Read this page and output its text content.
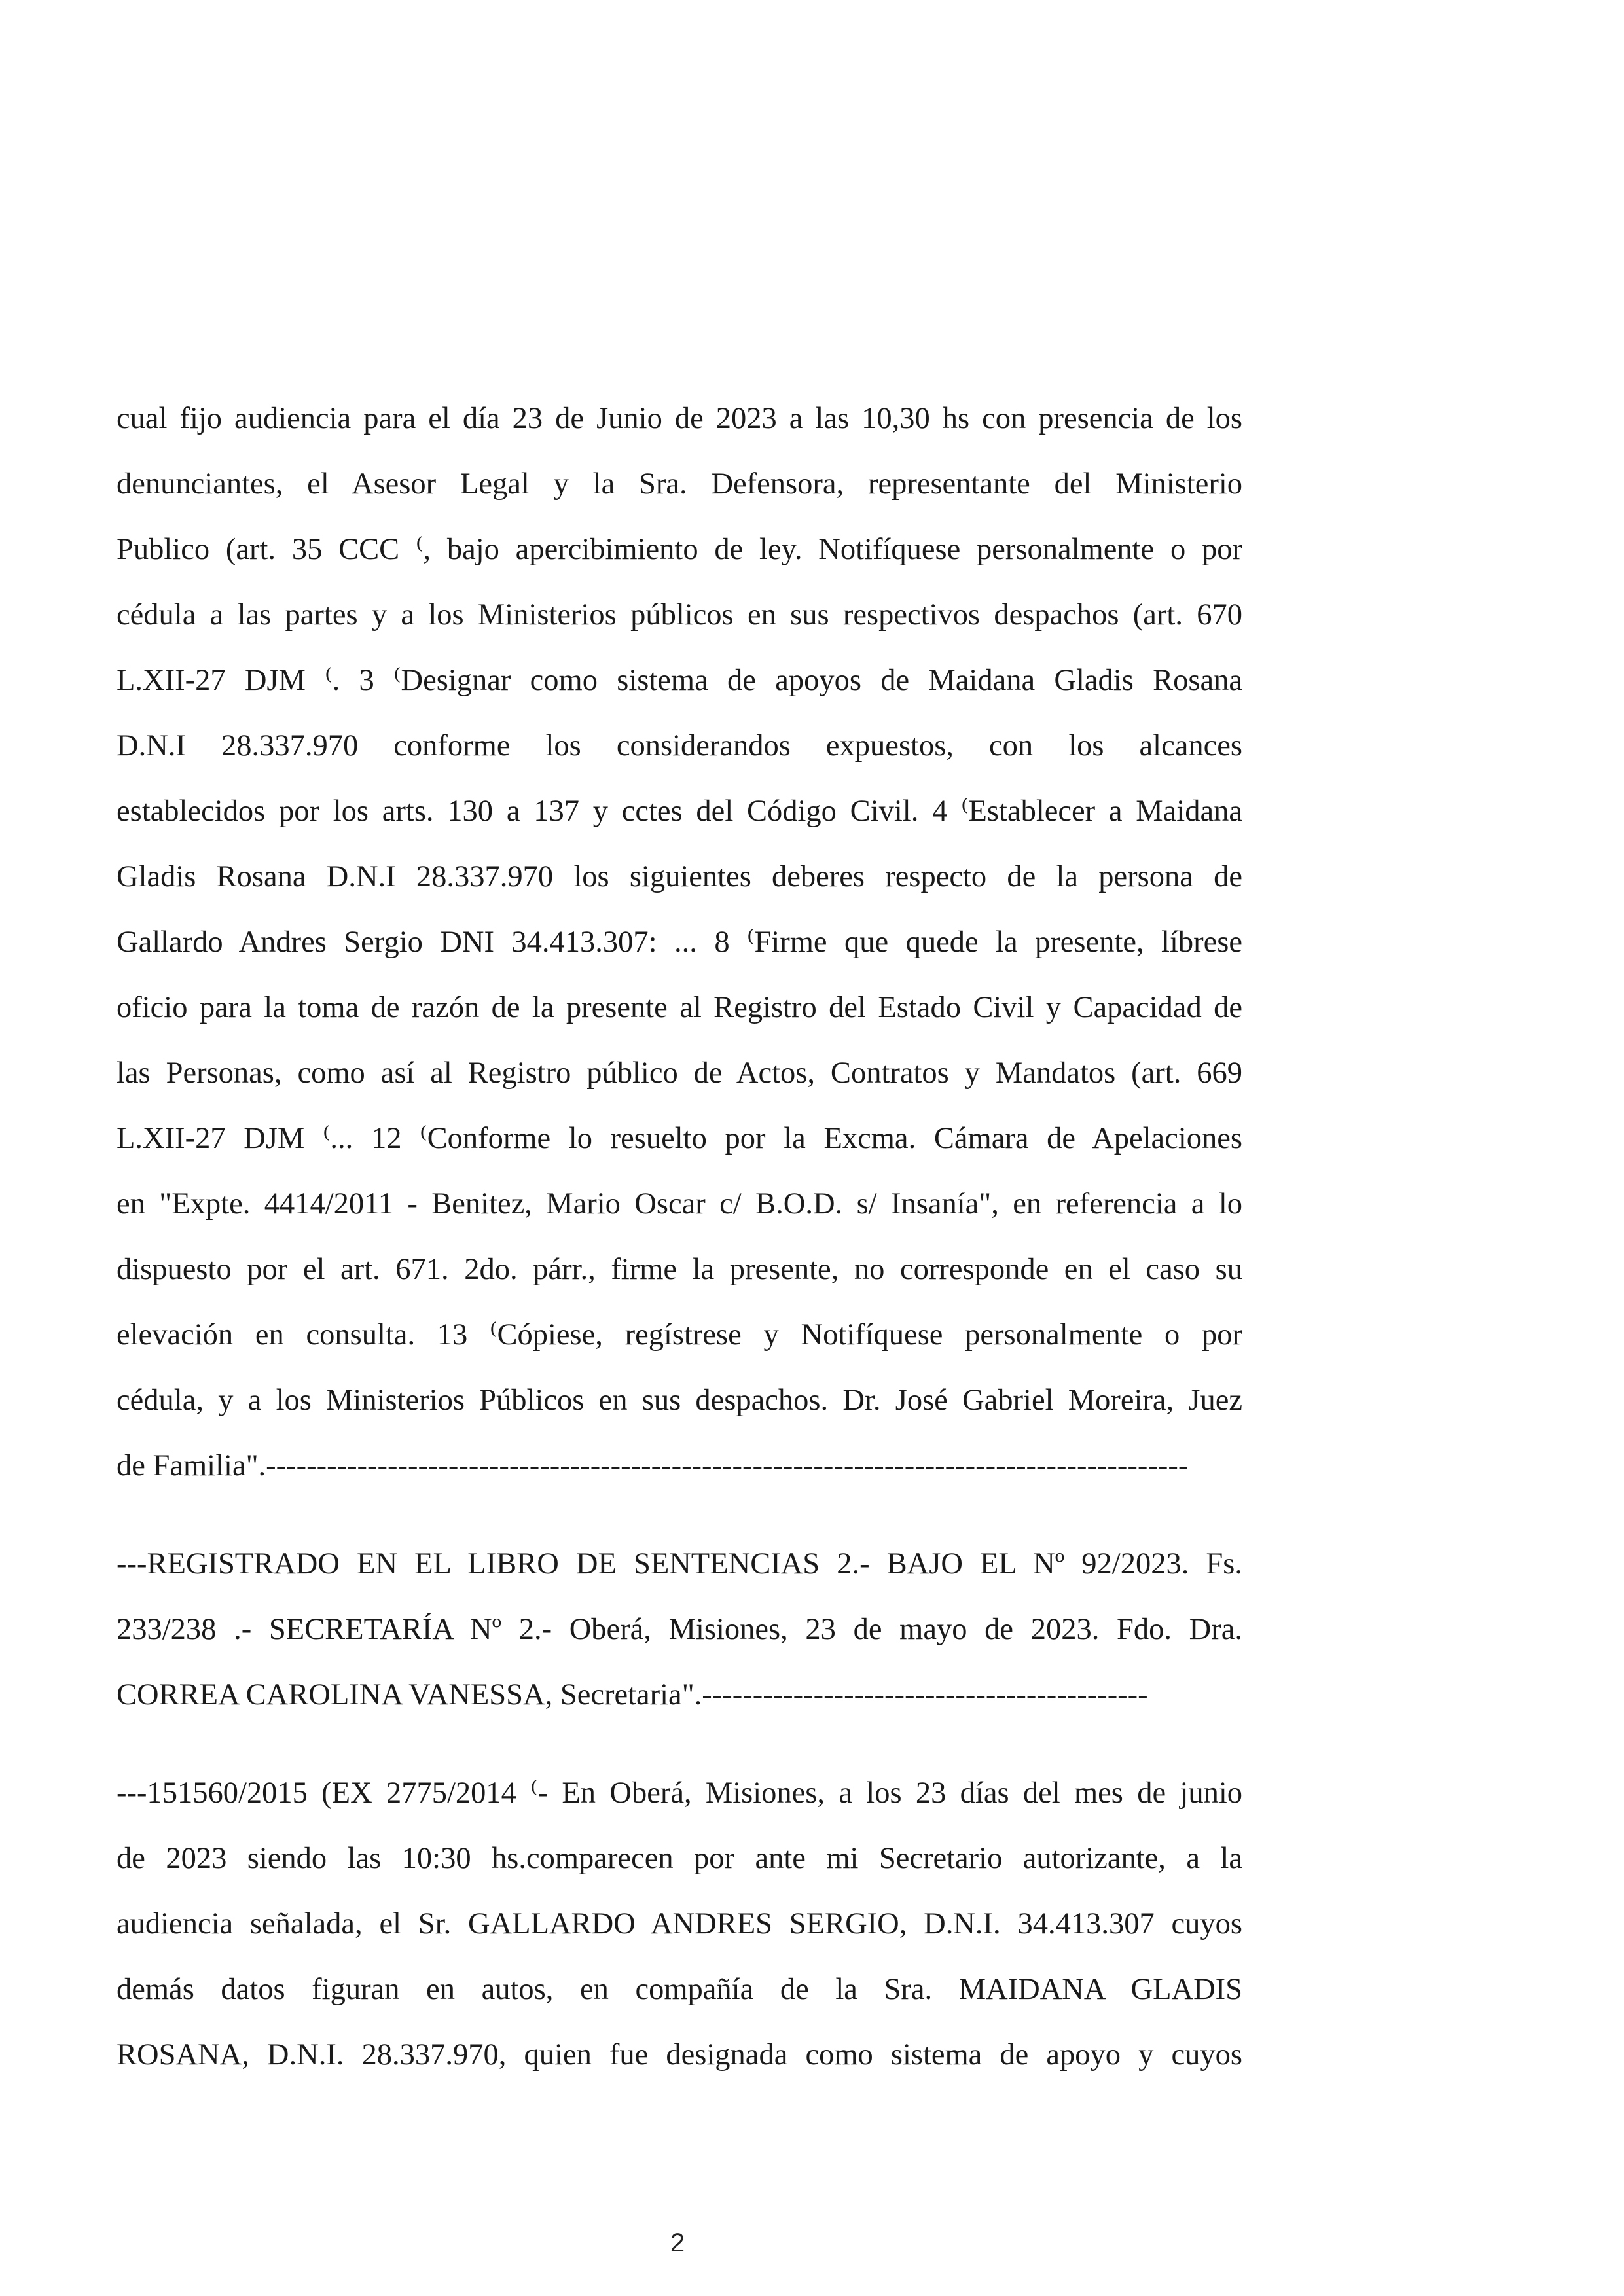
cual fijo audiencia para el día 23 de Junio de 2023 a las 10,30 hs con presencia de los
denunciantes, el Asesor Legal y la Sra. Defensora, representante del Ministerio
Publico (art. 35 CCC ⁽, bajo apercibimiento de ley. Notifíquese personalmente o por
cédula a las partes y a los Ministerios públicos en sus respectivos despachos (art. 670
L.XII-27 DJM ⁽. 3 ⁽Designar como sistema de apoyos de Maidana Gladis Rosana
D.N.I 28.337.970 conforme los considerandos expuestos, con los alcances
establecidos por los arts. 130 a 137 y cctes del Código Civil. 4 ⁽Establecer a Maidana
Gladis Rosana D.N.I 28.337.970 los siguientes deberes respecto de la persona de
Gallardo Andres Sergio DNI 34.413.307: ... 8 ⁽Firme que quede la presente, líbrese
oficio para la toma de razón de la presente al Registro del Estado Civil y Capacidad de
las Personas, como así al Registro público de Actos, Contratos y Mandatos (art. 669
L.XII-27 DJM ⁽... 12 ⁽Conforme lo resuelto por la Excma. Cámara de Apelaciones
en "Expte. 4414/2011 - Benitez, Mario Oscar c/ B.O.D. s/ Insanía", en referencia a lo
dispuesto por el art. 671. 2do. párr., firme la presente, no corresponde en el caso su
elevación en consulta. 13 ⁽Cópiese, regístrese y Notifíquese personalmente o por
cédula, y a los Ministerios Públicos en sus despachos. Dr. José Gabriel Moreira, Juez
de Familia".-------------------------------------------------------------------------------------------
---REGISTRADO EN EL LIBRO DE SENTENCIAS 2.- BAJO EL Nº 92/2023. Fs.
233/238 .- SECRETARÍA Nº 2.- Oberá, Misiones, 23 de mayo de 2023. Fdo. Dra.
CORREA CAROLINA VANESSA, Secretaria".--------------------------------------------
---151560/2015 (EX 2775/2014 ⁽- En Oberá, Misiones, a los 23 días del mes de junio
de 2023 siendo las 10:30 hs.comparecen por ante mi Secretario autorizante, a la
audiencia señalada, el Sr. GALLARDO ANDRES SERGIO, D.N.I. 34.413.307 cuyos
demás datos figuran en autos, en compañía de la Sra. MAIDANA GLADIS
ROSANA, D.N.I. 28.337.970, quien fue designada como sistema de apoyo y cuyos
2
